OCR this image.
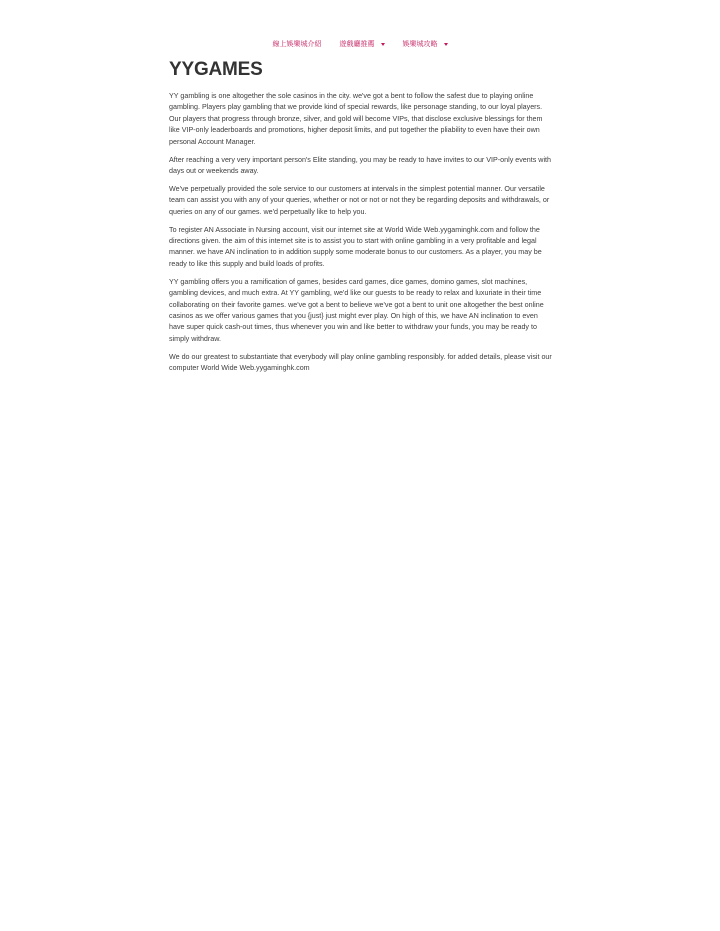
線上娛樂城介紹	遊戲廳推薦	娛樂城攻略
YYGAMES

YY gambling is one altogether the sole casinos in the city. we've got a bent to follow the safest due to playing online gambling. Players play gambling that we provide kind of special rewards, like personage standing, to our loyal players. Our players that progress through bronze, silver, and gold will become VIPs, that disclose exclusive blessings for them like VIP-only leaderboards and promotions, higher deposit limits, and put together the pliability to even have their own personal Account Manager.

After reaching a very very important person's Elite standing, you may be ready to have invites to our VIP-only events with days out or weekends away.

We've perpetually provided the sole service to our customers at intervals in the simplest potential manner. Our versatile team can assist you with any of your queries, whether or not or not or not they be regarding deposits and withdrawals, or queries on any of our games. we'd perpetually like to help you.

To register AN Associate in Nursing account, visit our internet site at World Wide Web.yygaminghk.com and follow the directions given. the aim of this internet site is to assist you to start with online gambling in a very profitable and legal manner. we have AN inclination to in addition supply some moderate bonus to our customers. As a player, you may be ready to like this supply and build loads of profits.

YY gambling offers you a ramification of games, besides card games, dice games, domino games, slot machines, gambling devices, and much extra. At YY gambling, we'd like our guests to be ready to relax and luxuriate in their time collaborating on their favorite games. we've got a bent to believe we've got a bent to unit one altogether the best online casinos as we offer various games that you {just} just might ever play. On high of this, we have AN inclination to even have super quick cash-out times, thus whenever you win and like better to withdraw your funds, you may be ready to simply withdraw.

We do our greatest to substantiate that everybody will play online gambling responsibly. for added details, please visit our computer World Wide Web.yygaminghk.com
